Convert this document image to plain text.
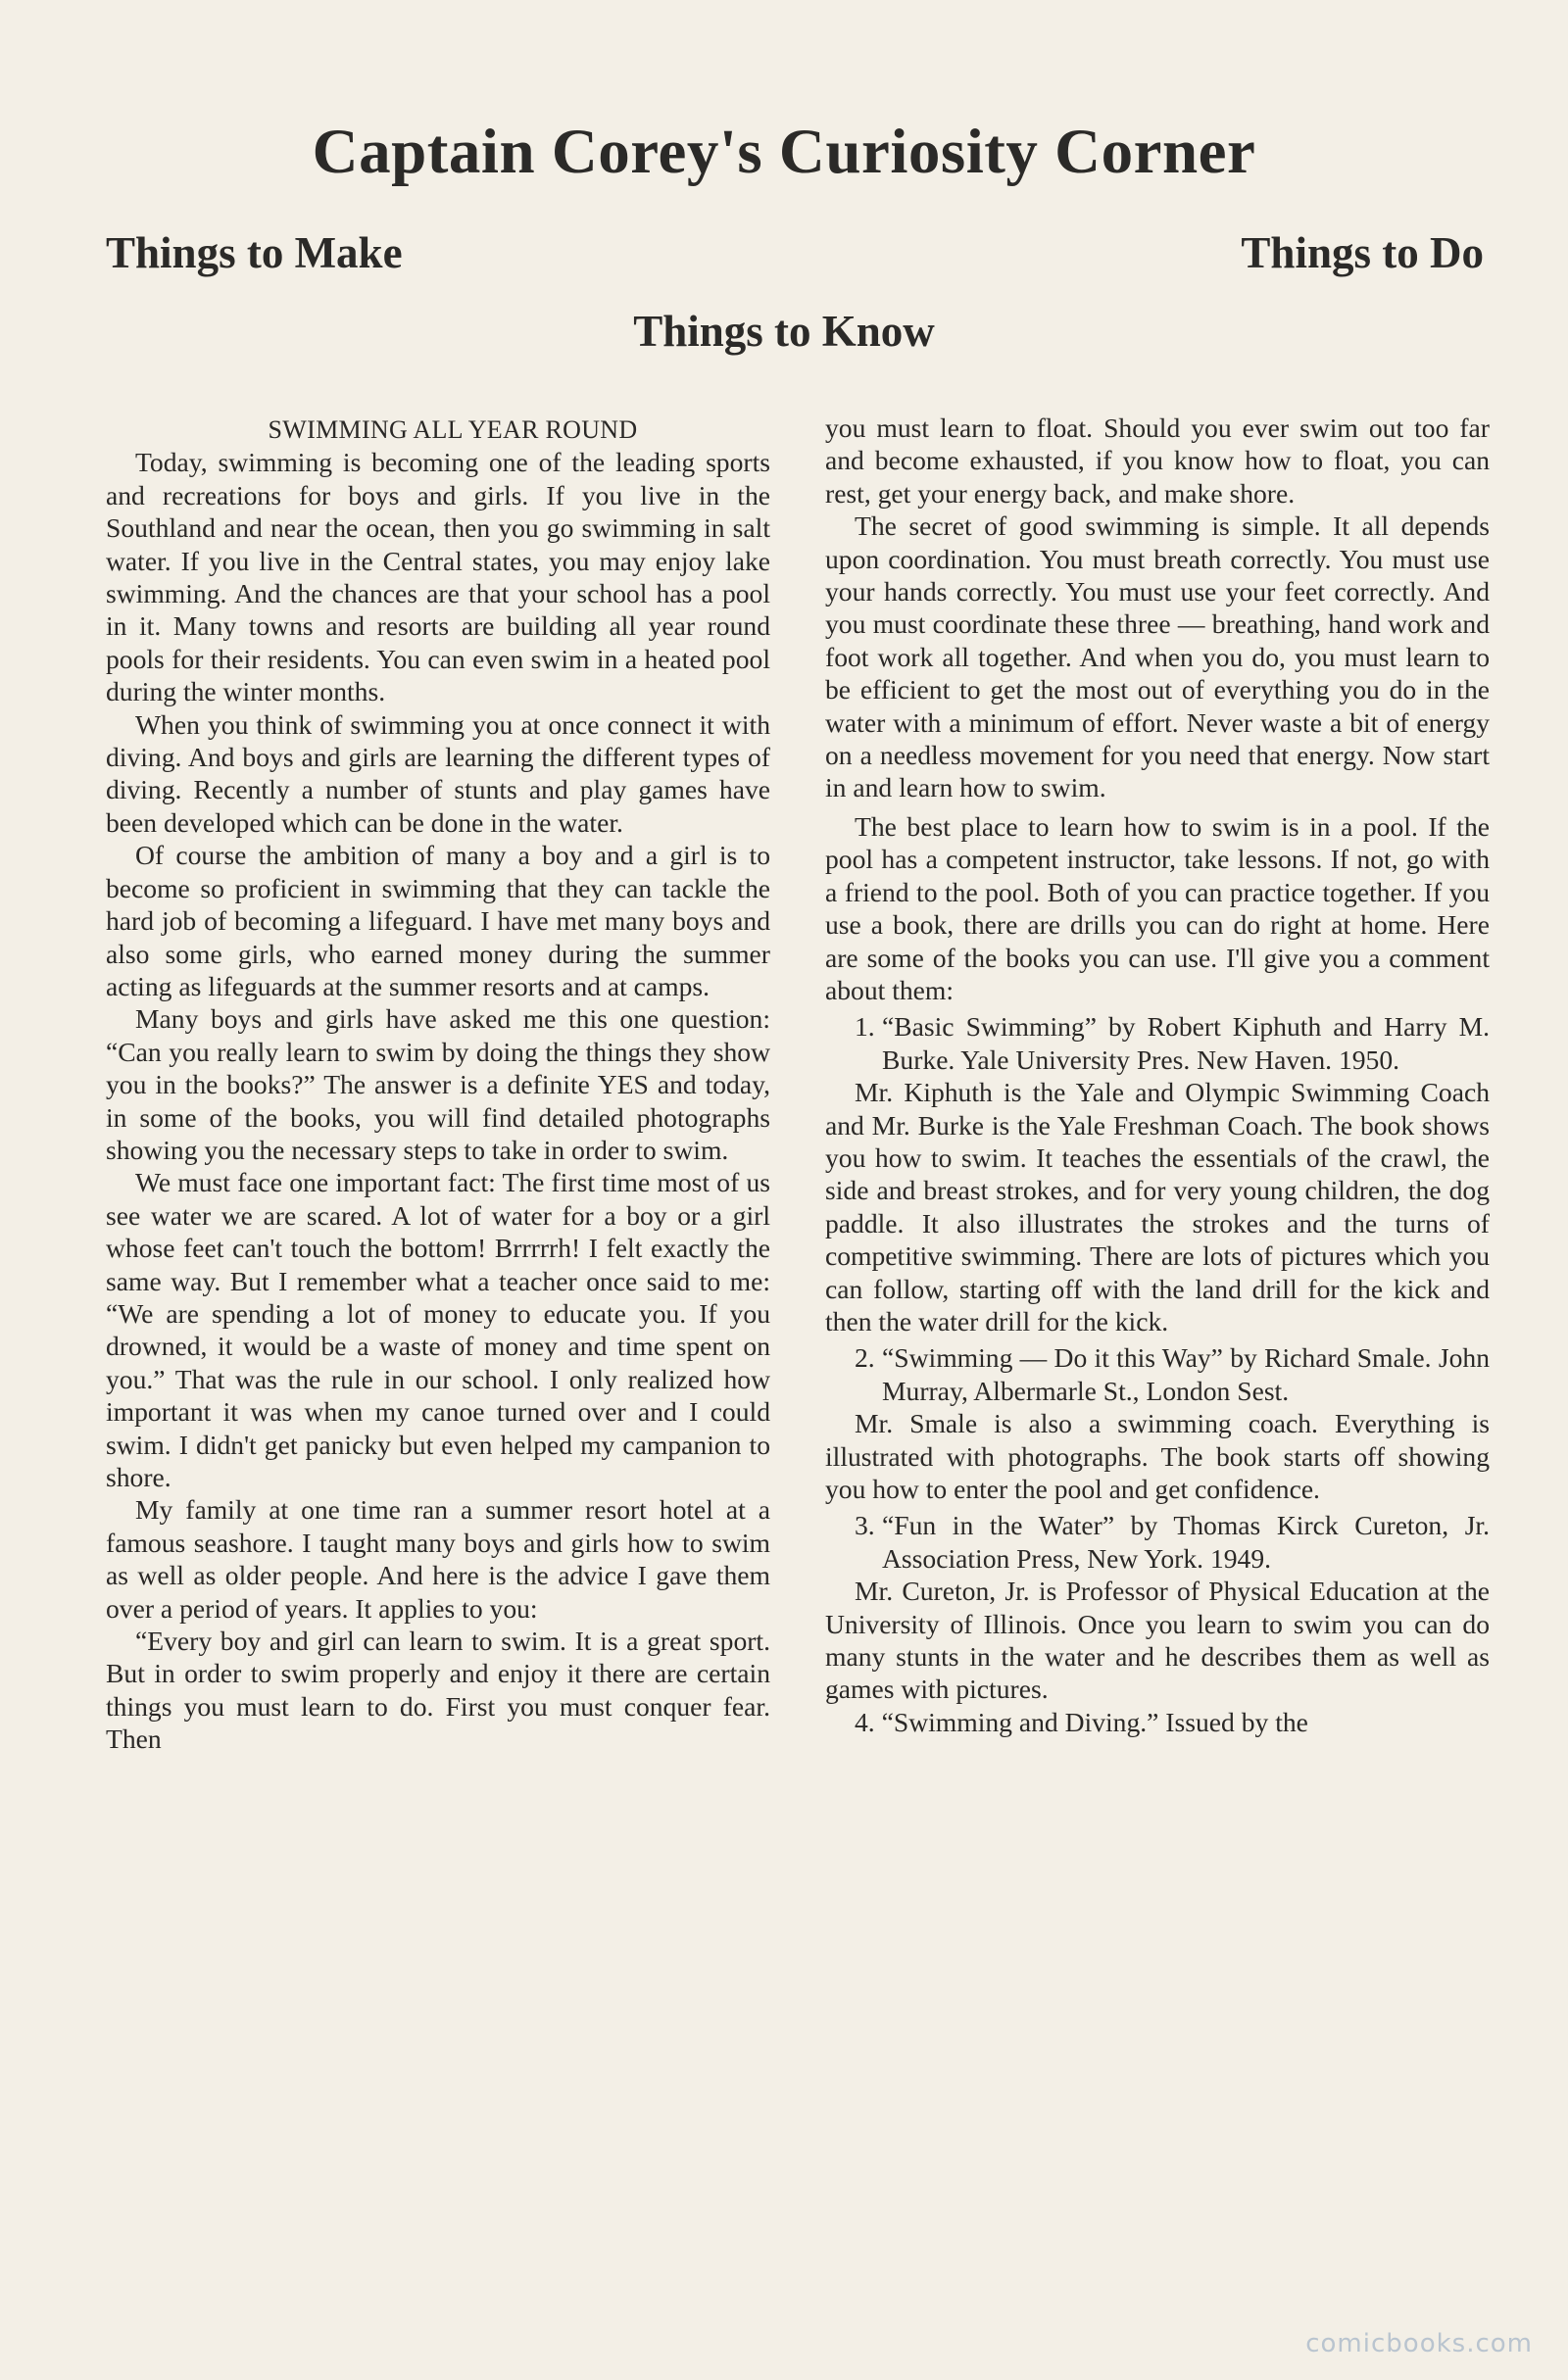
Captain Corey's Curiosity Corner
Things to Make	Things to Do
Things to Know

SWIMMING ALL YEAR ROUND

Today, swimming is becoming one of the leading sports and recreations for boys and girls. If you live in the Southland and near the ocean, then you go swimming in salt water. If you live in the Central states, you may enjoy lake swimming. And the chances are that your school has a pool in it. Many towns and resorts are building all year round pools for their residents. You can even swim in a heated pool during the winter months.

When you think of swimming you at once connect it with diving. And boys and girls are learning the different types of diving. Recently a number of stunts and play games have been developed which can be done in the water.

Of course the ambition of many a boy and a girl is to become so proficient in swimming that they can tackle the hard job of becoming a lifeguard. I have met many boys and also some girls, who earned money during the summer acting as lifeguards at the summer resorts and at camps.

Many boys and girls have asked me this one question: “Can you really learn to swim by doing the things they show you in the books?” The answer is a definite YES and today, in some of the books, you will find detailed photographs showing you the necessary steps to take in order to swim.

We must face one important fact: The first time most of us see water we are scared. A lot of water for a boy or a girl whose feet can't touch the bottom! Brrrrrh! I felt exactly the same way. But I remember what a teacher once said to me: “We are spending a lot of money to educate you. If you drowned, it would be a waste of money and time spent on you.” That was the rule in our school. I only realized how important it was when my canoe turned over and I could swim. I didn't get panicky but even helped my campanion to shore.

My family at one time ran a summer resort hotel at a famous seashore. I taught many boys and girls how to swim as well as older people. And here is the advice I gave them over a period of years. It applies to you:

“Every boy and girl can learn to swim. It is a great sport. But in order to swim properly and enjoy it there are certain things you must learn to do. First you must conquer fear. Then

you must learn to float. Should you ever swim out too far and become exhausted, if you know how to float, you can rest, get your energy back, and make shore.

The secret of good swimming is simple. It all depends upon coordination. You must breath correctly. You must use your hands correctly. You must use your feet correctly. And you must coordinate these three — breathing, hand work and foot work all together. And when you do, you must learn to be efficient to get the most out of everything you do in the water with a minimum of effort. Never waste a bit of energy on a needless movement for you need that energy. Now start in and learn how to swim.

The best place to learn how to swim is in a pool. If the pool has a competent instructor, take lessons. If not, go with a friend to the pool. Both of you can practice together. If you use a book, there are drills you can do right at home. Here are some of the books you can use. I'll give you a comment about them:

1. “Basic Swimming” by Robert Kiphuth and Harry M. Burke. Yale University Pres. New Haven. 1950.

Mr. Kiphuth is the Yale and Olympic Swimming Coach and Mr. Burke is the Yale Freshman Coach. The book shows you how to swim. It teaches the essentials of the crawl, the side and breast strokes, and for very young children, the dog paddle. It also illustrates the strokes and the turns of competitive swimming. There are lots of pictures which you can follow, starting off with the land drill for the kick and then the water drill for the kick.

2. “Swimming — Do it this Way” by Richard Smale. John Murray, Albermarle St., London Sest.

Mr. Smale is also a swimming coach. Everything is illustrated with photographs. The book starts off showing you how to enter the pool and get confidence.

3. “Fun in the Water” by Thomas Kirck Cureton, Jr. Association Press, New York. 1949.

Mr. Cureton, Jr. is Professor of Physical Education at the University of Illinois. Once you learn to swim you can do many stunts in the water and he describes them as well as games with pictures.

4. “Swimming and Diving.” Issued by the

comicbooks.com
